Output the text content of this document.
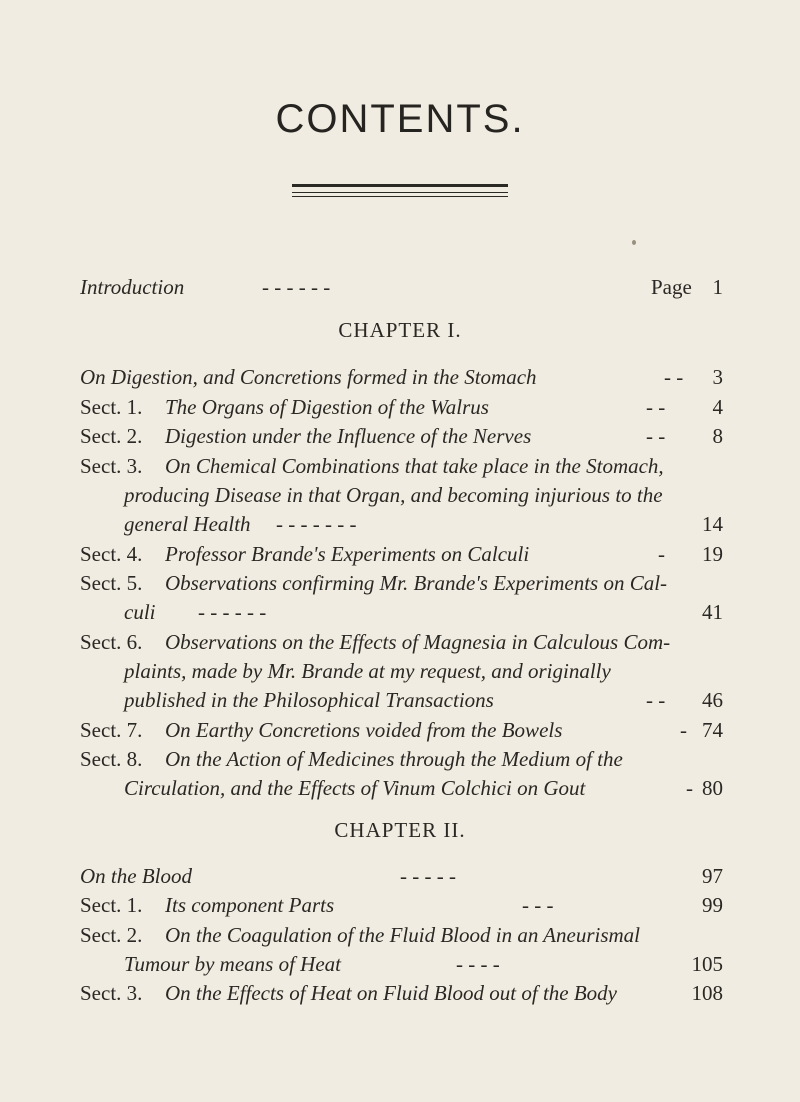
CONTENTS.
Introduction	- - - - - -	Page 1
CHAPTER I.
On Digestion, and Concretions formed in the Stomach	- - 3
Sect. 1. The Organs of Digestion of the Walrus	- - 4
Sect. 2. Digestion under the Influence of the Nerves	- - 8
Sect. 3. On Chemical Combinations that take place in the Stomach,
producing Disease in that Organ, and becoming injurious to the
general Health - - - - - - -	14
Sect. 4. Professor Brande's Experiments on Calculi	- 19
Sect. 5. Observations confirming Mr. Brande's Experiments on Cal-
culi - - - - - -	41
Sect. 6. Observations on the Effects of Magnesia in Calculous Com-
plaints, made by Mr. Brande at my request, and originally
published in the Philosophical Transactions	- - 46
Sect. 7. On Earthy Concretions voided from the Bowels	- 74
Sect. 8. On the Action of Medicines through the Medium of the
Circulation, and the Effects of Vinum Colchici on Gout	- 80
CHAPTER II.
On the Blood	- - - - -	97
Sect. 1. Its component Parts	- - -	99
Sect. 2. On the Coagulation of the Fluid Blood in an Aneurismal
Tumour by means of Heat	- - - -	105
Sect. 3. On the Effects of Heat on Fluid Blood out of the Body	108
